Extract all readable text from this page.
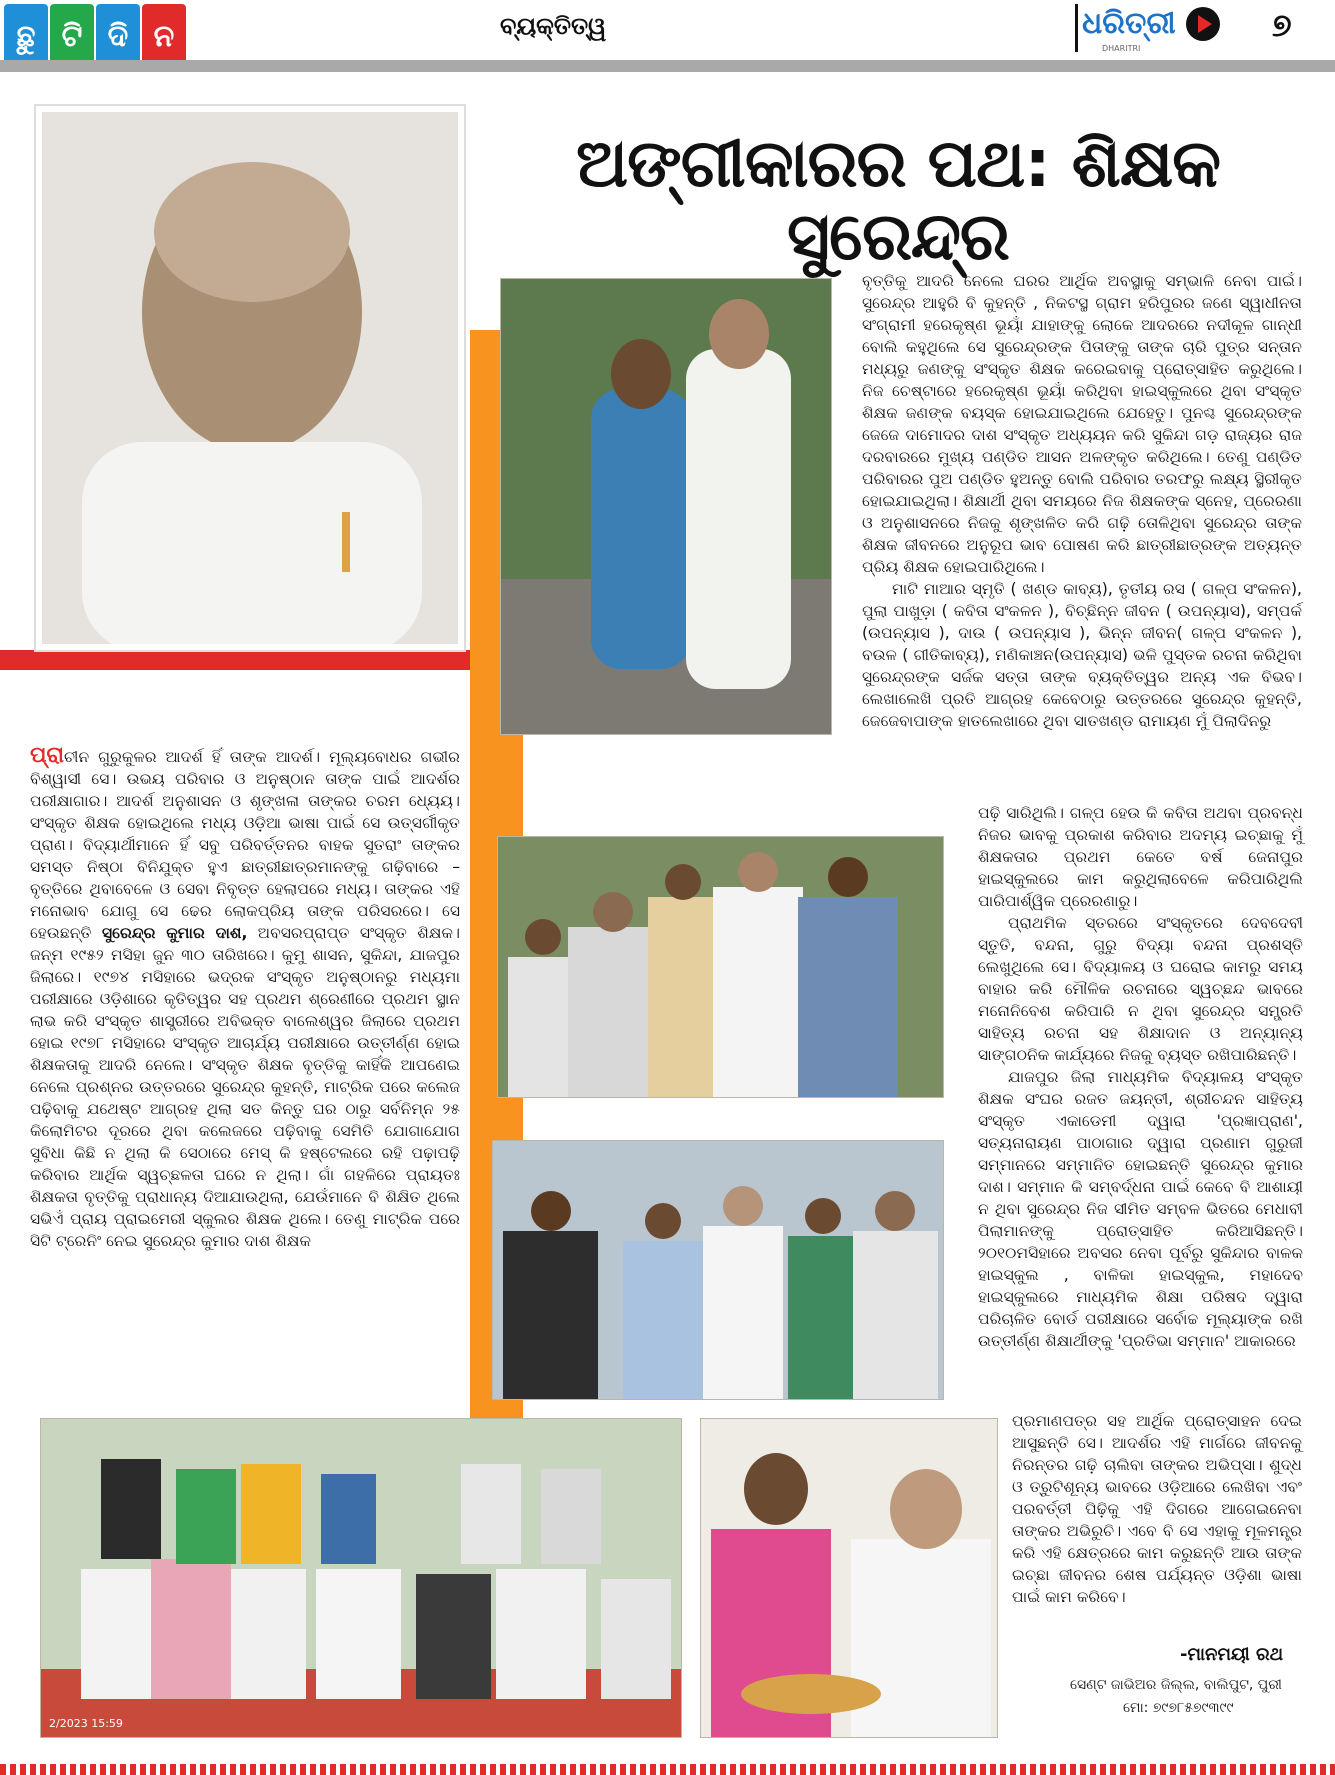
ଛୁ ଟି ଦି ନ	ବ୍ୟକ୍ତିତ୍ୱ	ଧରିତ୍ରୀ
DHARITRI
୭
ଅଙ୍ଗୀକାରର ପଥ: ଶିକ୍ଷକ ସୁରେନ୍ଦ୍ର
2/2023 15:59

ବୃତ୍ତିକୁ ଆଦରି ନେଲେ ଘରର ଆର୍ଥିକ ଅବସ୍ଥାକୁ ସମ୍ଭାଳି ନେବା ପାଇଁ। ସୁରେନ୍ଦ୍ର ଆହୁରି ବି କୁହନ୍ତି , ନିକଟସ୍ଥ ଗ୍ରାମ ହରିପୁରର ଜଣେ ସ୍ୱାଧୀନତା ସଂଗ୍ରାମୀ ହରେକୃଷ୍ଣ ଭୂୟାଁ ଯାହାଙ୍କୁ ଲୋକେ ଆଦରରେ ନଦୀକୂଳ ଗାନ୍ଧୀ ବୋଲି କହୁଥିଲେ ସେ ସୁରେନ୍ଦ୍ରଙ୍କ ପିତାଙ୍କୁ ତାଙ୍କ ଚାରି ପୁତ୍ର ସନ୍ତାନ ମଧ୍ୟରୁ ଜଣଙ୍କୁ ସଂସ୍କୃତ ଶିକ୍ଷକ କରେଇବାକୁ ପ୍ରୋତ୍ସାହିତ କରୁଥିଲେ। ନିଜ ଚେଷ୍ଟାରେ ହରେକୃଷ୍ଣ ଭୂୟାଁ କରିଥିବା ହାଇସ୍କୁଲରେ ଥିବା ସଂସ୍କୃତ ଶିକ୍ଷକ ଜଣଙ୍କ ବୟସ୍କ ହୋଇଯାଇଥିଲେ ଯେହେତୁ। ପୁନଶ୍ଚ ସୁରେନ୍ଦ୍ରଙ୍କ ଜେଜେ ଦାମୋଦର ଦାଶ ସଂସ୍କୃତ ଅଧ୍ୟୟନ କରି ସୁକିନ୍ଦା ଗଡ଼ ରାଜ୍ୟର ରାଜ ଦରବାରରେ ମୁଖ୍ୟ ପଣ୍ଡିତ ଆସନ ଅଳଙ୍କୃତ କରିଥିଲେ। ତେଣୁ ପଣ୍ଡିତ ପରିବାରର ପୁଅ ପଣ୍ଡିତ ହୁଅନ୍ତୁ ବୋଲି ପରିବାର ତରଫରୁ ଲକ୍ଷ୍ୟ ସ୍ଥିରୀକୃତ ହୋଇଯାଇଥିଲା। ଶିକ୍ଷାର୍ଥୀ ଥିବା ସମୟରେ ନିଜ ଶିକ୍ଷକଙ୍କ ସ୍ନେହ, ପ୍ରେରଣା ଓ ଅନୁଶାସନରେ ନିଜକୁ ଶୃଙ୍ଖଳିତ କରି ଗଢ଼ି ତୋଳିଥିବା ସୁରେନ୍ଦ୍ର ତାଙ୍କ ଶିକ୍ଷକ ଜୀବନରେ ଅନୁରୂପ ଭାବ ପୋଷଣ କରି ଛାତ୍ରୀଛାତ୍ରଙ୍କ ଅତ୍ୟନ୍ତ ପ୍ରିୟ ଶିକ୍ଷକ ହୋଇପାରିଥିଲେ।

ମାଟି ମାଆର ସ୍ମୃତି ( ଖଣ୍ଡ କାବ୍ୟ), ତୃତୀୟ ରସ ( ଗଳ୍ପ ସଂକଳନ), ପୁଲା ପାଖୁଡ଼ା ( କବିତା ସଂକଳନ ), ବିଚ୍ଛିନ୍ନ ଜୀବନ ( ଉପନ୍ୟାସ), ସମ୍ପର୍କ (ଉପନ୍ୟାସ ), ଦାଉ ( ଉପନ୍ୟାସ ), ଭିନ୍ନ ଜୀବନ( ଗଳ୍ପ ସଂକଳନ ), ବଉଳ ( ଗୀତିକାବ୍ୟ), ମଣିକାଞ୍ଚନ(ଉପନ୍ୟାସ) ଭଳି ପୁସ୍ତକ ରଚନା କରିଥିବା ସୁରେନ୍ଦ୍ରଙ୍କ ସର୍ଜକ ସତ୍ତା ତାଙ୍କ ବ୍ୟକ୍ତିତ୍ୱର ଅନ୍ୟ ଏକ ବିଭବ। ଲେଖାଲେଖି ପ୍ରତି ଆଗ୍ରହ କେବେଠାରୁ ଉତ୍ତରରେ ସୁରେନ୍ଦ୍ର କୁହନ୍ତି, ଜେଜେବାପାଙ୍କ ହାତଲେଖାରେ ଥିବା ସାତଖଣ୍ଡ ରାମାୟଣ ମୁଁ ପିଲାଦିନରୁ

ପ୍ରାଚୀନ ଗୁରୁକୁଳର ଆଦର୍ଶ ହିଁ ତାଙ୍କ ଆଦର୍ଶ। ମୂଲ୍ୟବୋଧର ଗଭୀର ବିଶ୍ୱାସୀ ସେ। ଉଭୟ ପରିବାର ଓ ଅନୁଷ୍ଠାନ ତାଙ୍କ ପାଇଁ ଆଦର୍ଶର ପରୀକ୍ଷାଗାର। ଆଦର୍ଶ ଅନୁଶାସନ ଓ ଶୃଙ୍ଖଳା ତାଙ୍କର ଚରମ ଧ୍ୟେୟ। ସଂସ୍କୃତ ଶିକ୍ଷକ ହୋଇଥିଲେ ମଧ୍ୟ ଓଡ଼ିଆ ଭାଷା ପାଇଁ ସେ ଉତ୍ସର୍ଗୀକୃତ ପ୍ରାଣ। ବିଦ୍ୟାର୍ଥୀମାନେ ହିଁ ସବୁ ପରିବର୍ତ୍ତନର ବାହକ ସୁତରାଂ ତାଙ୍କର ସମସ୍ତ ନିଷ୍ଠା ବିନିଯୁକ୍ତ ହୁଏ ଛାତ୍ରୀଛାତ୍ରମାନଙ୍କୁ ଗଢ଼ିବାରେ – ବୃତ୍ତିରେ ଥିବାବେଳେ ଓ ସେବା ନିବୃତ୍ତ ହେଲାପରେ ମଧ୍ୟ। ତାଙ୍କର ଏହି ମନୋଭାବ ଯୋଗୁ ସେ ଢେର ଲୋକପ୍ରିୟ ତାଙ୍କ ପରିସରରେ। ସେ ହେଉଛନ୍ତି ସୁରେନ୍ଦ୍ର କୁମାର ଦାଶ, ଅବସରପ୍ରାପ୍ତ ସଂସ୍କୃତ ଶିକ୍ଷକ। ଜନ୍ମ ୧୯୫୨ ମସିହା ଜୁନ ୩୦ ତାରିଖରେ। କୁମୁ ଶାସନ, ସୁକିନ୍ଦା, ଯାଜପୁର ଜିଲାରେ। ୧୯୭୪ ମସିହାରେ ଭଦ୍ରକ ସଂସ୍କୃତ ଅନୁଷ୍ଠାନରୁ ମଧ୍ୟମା ପରୀକ୍ଷାରେ ଓଡ଼ିଶାରେ କୃତିତ୍ୱର ସହ ପ୍ରଥମ ଶ୍ରେଣୀରେ ପ୍ରଥମ ସ୍ଥାନ ଲାଭ କରି ସଂସ୍କୃତ ଶାସ୍ତ୍ରୀରେ ଅବିଭକ୍ତ ବାଲେଶ୍ୱର ଜିଲାରେ ପ୍ରଥମ ହୋଇ ୧୯୭୮ ମସିହାରେ ସଂସ୍କୃତ ଆଚାର୍ଯ୍ୟ ପରୀକ୍ଷାରେ ଉତ୍ତୀର୍ଣ୍ଣ ହୋଇ ଶିକ୍ଷକତାକୁ ଆଦରି ନେଲେ। ସଂସ୍କୃତ ଶିକ୍ଷକ ବୃତ୍ତିକୁ କାହିଁକି ଆପଣେଇ ନେଲେ ପ୍ରଶ୍ନର ଉତ୍ତରରେ ସୁରେନ୍ଦ୍ର କୁହନ୍ତି, ମାଟ୍ରିକ ପରେ କଲେଜ ପଢ଼ିବାକୁ ଯଥେଷ୍ଟ ଆଗ୍ରହ ଥିଲା ସତ କିନ୍ତୁ ଘର ଠାରୁ ସର୍ବନିମ୍ନ ୨୫ କିଲୋମିଟର ଦୂରରେ ଥିବା କଲେଜରେ ପଢ଼ିବାକୁ ସେମିତି ଯୋଗାଯୋଗ ସୁବିଧା କିଛି ନ ଥିଲା କି ସେଠାରେ ମେସ୍ କି ହଷ୍ଟେଲରେ ରହି ପଢ଼ାପଢ଼ି କରିବାର ଆର୍ଥିକ ସ୍ୱଚ୍ଛଳତା ଘରେ ନ ଥିଲା। ଗାଁ ଗହଳିରେ ପ୍ରାୟତଃ ଶିକ୍ଷକତା ବୃତ୍ତିକୁ ପ୍ରାଧାନ୍ୟ ଦିଆଯାଉଥିଲା, ଯେଉଁମାନେ ବି ଶିକ୍ଷିତ ଥିଲେ ସଭିଏଁ ପ୍ରାୟ ପ୍ରାଇମେରୀ ସ୍କୁଲର ଶିକ୍ଷକ ଥିଲେ। ତେଣୁ ମାଟ୍ରିକ ପରେ ସିଟି ଟ୍ରେନିଂ ନେଇ ସୁରେନ୍ଦ୍ର କୁମାର ଦାଶ ଶିକ୍ଷକ

ପଢ଼ି ସାରିଥିଲି। ଗଳ୍ପ ହେଉ କି କବିତା ଅଥବା ପ୍ରବନ୍ଧ ନିଜର ଭାବକୁ ପ୍ରକାଶ କରିବାର ଅଦମ୍ୟ ଇଚ୍ଛାକୁ ମୁଁ ଶିକ୍ଷକତାର ପ୍ରଥମ କେତେ ବର୍ଷ ଜେନାପୁର ହାଇସ୍କୁଲରେ କାମ କରୁଥିଲାବେଳେ କରିପାରିଥିଲି ପାରିପାର୍ଶ୍ୱିକ ପ୍ରେରଣାରୁ।

ପ୍ରାଥମିକ ସ୍ତରରେ ସଂସ୍କୃତରେ ଦେବଦେବୀ ସ୍ତୁତି, ବନ୍ଦନା, ଗୁରୁ ବିଦ୍ୟା ବନ୍ଦନା ପ୍ରଶସ୍ତି ଲେଖୁଥିଲେ ସେ। ବିଦ୍ୟାଳୟ ଓ ଘରୋଇ କାମରୁ ସମୟ ବାହାର କରି ମୌଳିକ ରଚନାରେ ସ୍ୱଚ୍ଛନ୍ଦ ଭାବରେ ମନୋନିବେଶ କରିପାରି ନ ଥିବା ସୁରେନ୍ଦ୍ର ସମ୍ପ୍ରତି ସାହିତ୍ୟ ରଚନା ସହ ଶିକ୍ଷାଦାନ ଓ ଅନ୍ୟାନ୍ୟ ସାଙ୍ଗଠନିକ କାର୍ଯ୍ୟରେ ନିଜକୁ ବ୍ୟସ୍ତ ରଖିପାରିଛନ୍ତି।

ଯାଜପୁର ଜିଲା ମାଧ୍ୟମିକ ବିଦ୍ୟାଳୟ ସଂସ୍କୃତ ଶିକ୍ଷକ ସଂଘର ରଜତ ଜୟନ୍ତୀ, ଶ୍ରୀଚନ୍ଦନ ସାହିତ୍ୟ ସଂସ୍କୃତ ଏକାଡେମୀ ଦ୍ୱାରା 'ପ୍ରଜ୍ଞାପ୍ରାଣ', ସତ୍ୟନାରାୟଣ ପାଠାଗାର ଦ୍ୱାରା ପ୍ରଣାମ ଗୁରୁଜୀ ସମ୍ମାନରେ ସମ୍ମାନିତ ହୋଇଛନ୍ତି ସୁରେନ୍ଦ୍ର କୁମାର ଦାଶ। ସମ୍ମାନ କି ସମ୍ବର୍ଦ୍ଧନା ପାଇଁ କେବେ ବି ଆଶାୟୀ ନ ଥିବା ସୁରେନ୍ଦ୍ର ନିଜ ସୀମିତ ସମ୍ବଳ ଭିତରେ ମେଧାବୀ ପିଲାମାନଙ୍କୁ ପ୍ରୋତ୍ସାହିତ କରିଆସିଛନ୍ତି। ୨୦୧୦ମସିହାରେ ଅବସର ନେବା ପୂର୍ବରୁ ସୁକିନ୍ଦାର ବାଳକ ହାଇସ୍କୁଲ , ବାଳିକା ହାଇସ୍କୁଲ, ମହାଦେବ ହାଇସ୍କୁଲରେ ମାଧ୍ୟମିକ ଶିକ୍ଷା ପରିଷଦ ଦ୍ୱାରା ପରିଚାଳିତ ବୋର୍ଡ ପରୀକ୍ଷାରେ ସର୍ବୋଚ୍ଚ ମୂଲ୍ୟାଙ୍କ ରଖି ଉତ୍ତୀର୍ଣ୍ଣ ଶିକ୍ଷାର୍ଥୀଙ୍କୁ 'ପ୍ରତିଭା ସମ୍ମାନ' ଆକାରରେ

ପ୍ରମାଣପତ୍ର ସହ ଆର୍ଥିକ ପ୍ରୋତ୍ସାହନ ଦେଇ ଆସୁଛନ୍ତି ସେ। ଆଦର୍ଶର ଏହି ମାର୍ଗରେ ଜୀବନକୁ ନିରନ୍ତର ଗଢ଼ି ଚାଲିବା ତାଙ୍କର ଅଭିପ୍ସା। ଶୁଦ୍ଧ ଓ ତ୍ରୁଟିଶୂନ୍ୟ ଭାବରେ ଓଡ଼ିଆରେ ଲେଖିବା ଏବଂ ପରବର୍ତ୍ତୀ ପିଢ଼ିକୁ ଏହି ଦିଗରେ ଆଗେଇନେବା ତାଙ୍କର ଅଭିରୁଚି। ଏବେ ବି ସେ ଏହାକୁ ମୂଳମନ୍ତ୍ର କରି ଏହି କ୍ଷେତ୍ରରେ କାମ କରୁଛନ୍ତି ଆଉ ତାଙ୍କ ଇଚ୍ଛା ଜୀବନର ଶେଷ ପର୍ଯ୍ୟନ୍ତ ଓଡ଼ିଶା ଭାଷା ପାଇଁ କାମ କରିବେ।

-ମାନମୟୀ ରଥ
ସେଣ୍ଟ ଜାଭିଅର ଜିଲ୍ଲ, ବାଲିପୁଟ, ପୁରୀ
ମୋ: ୭୯୭୮୫୭୯୩୯୯
